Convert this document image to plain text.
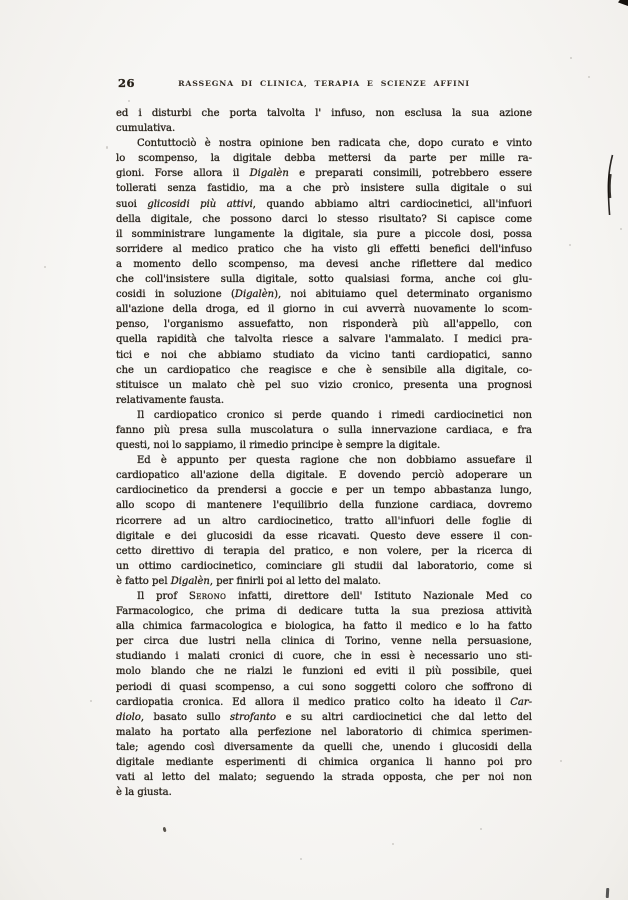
26	RASSEGNA DI CLINICA, TERAPIA E SCIENZE AFFINI
ed i disturbi che porta talvolta l' infuso, non esclusa la sua azione
cumulativa.
Contuttociò è nostra opinione ben radicata che, dopo curato e vinto
lo scompenso, la digitale debba mettersi da parte per mille ra-
gioni. Forse allora il Digalèn e preparati consimili, potrebbero essere
tollerati senza fastidio, ma a che prò insistere sulla digitale o sui
suoi glicosidi più attivi, quando abbiamo altri cardiocinetici, all'infuori
della digitale, che possono darci lo stesso risultato? Si capisce come
il somministrare lungamente la digitale, sia pure a piccole dosi, possa
sorridere al medico pratico che ha visto gli effetti benefici dell'infuso
a momento dello scompenso, ma devesi anche riflettere dal medico
che coll'insistere sulla digitale, sotto qualsiasi forma, anche coi glu-
cosidi in soluzione (Digalèn), noi abituiamo quel determinato organismo
all'azione della droga, ed il giorno in cui avverrà nuovamente lo scom-
penso, l'organismo assuefatto, non risponderà più all'appello, con
quella rapidità che talvolta riesce a salvare l'ammalato. I medici pra-
tici e noi che abbiamo studiato da vicino tanti cardiopatici, sanno
che un cardiopatico che reagisce e che è sensibile alla digitale, co-
stituisce un malato chè pel suo vizio cronico, presenta una prognosi
relativamente fausta.
Il cardiopatico cronico si perde quando i rimedi cardiocinetici non
fanno più presa sulla muscolatura o sulla innervazione cardiaca, e fra
questi, noi lo sappiamo, il rimedio principe è sempre la digitale.
Ed è appunto per questa ragione che non dobbiamo assuefare il
cardiopatico all'azione della digitale. E dovendo perciò adoperare un
cardiocinetico da prendersi a goccie e per un tempo abbastanza lungo,
allo scopo di mantenere l'equilibrio della funzione cardiaca, dovremo
ricorrere ad un altro cardiocinetico, tratto all'infuori delle foglie di
digitale e dei glucosidi da esse ricavati. Questo deve essere il con-
cetto direttivo di terapia del pratico, e non volere, per la ricerca di
un ottimo cardiocinetico, cominciare gli studii dal laboratorio, come si
è fatto pel Digalèn, per finirli poi al letto del malato.
Il prof Serono infatti, direttore dell' Istituto Nazionale Med co
Farmacologico, che prima di dedicare tutta la sua preziosa attività
alla chimica farmacologica e biologica, ha fatto il medico e lo ha fatto
per circa due lustri nella clinica di Torino, venne nella persuasione,
studiando i malati cronici di cuore, che in essi è necessario uno sti-
molo blando che ne rialzi le funzioni ed eviti il più possibile, quei
periodi di quasi scompenso, a cui sono soggetti coloro che soffrono di
cardiopatia cronica. Ed allora il medico pratico colto ha ideato il Car-
diolo, basato sullo strofanto e su altri cardiocinetici che dal letto del
malato ha portato alla perfezione nel laboratorio di chimica sperimen-
tale; agendo così diversamente da quelli che, unendo i glucosidi della
digitale mediante esperimenti di chimica organica li hanno poi pro
vati al letto del malato; seguendo la strada opposta, che per noi non
è la giusta.
